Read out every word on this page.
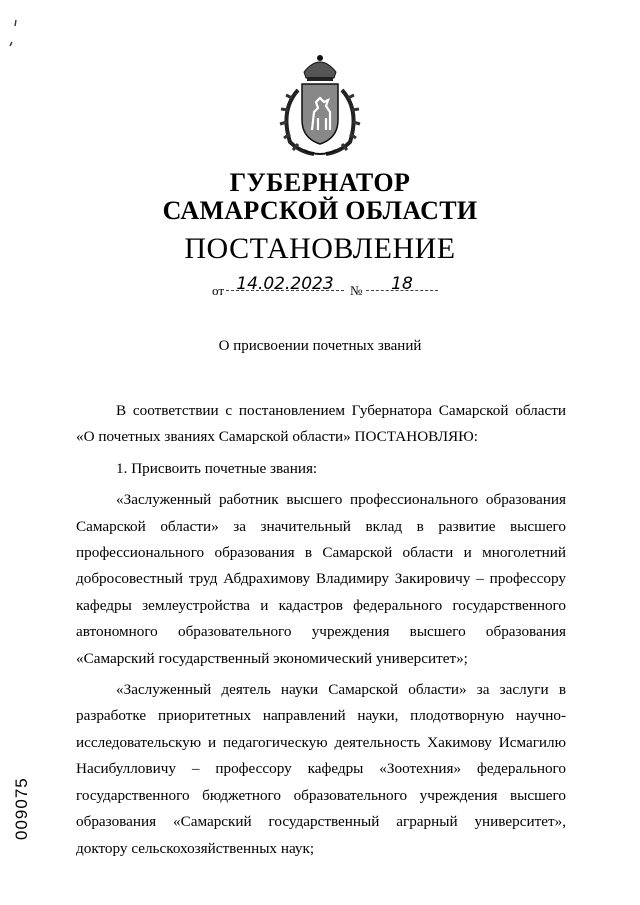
ГУБЕРНАТОР
САМАРСКОЙ ОБЛАСТИ
ПОСТАНОВЛЕНИЕ
от 14.02.2023	№	18
О присвоении почетных званий

В соответствии с постановлением Губернатора Самарской области «О почетных званиях Самарской области» ПОСТАНОВЛЯЮ:

1. Присвоить почетные звания:

«Заслуженный работник высшего профессионального образования Самарской области» за значительный вклад в развитие высшего профессионального образования в Самарской области и многолетний добросовестный труд Абдрахимову Владимиру Закировичу – профессору кафедры землеустройства и кадастров федерального государственного автономного образовательного учреждения высшего образования «Самарский государственный экономический университет»;

«Заслуженный деятель науки Самарской области» за заслуги в разработке приоритетных направлений науки, плодотворную научно-исследовательскую и педагогическую деятельность Хакимову Исмагилю Насибулловичу – профессору кафедры «Зоотехния» федерального государственного бюджетного образовательного учреждения высшего образования «Самарский государственный аграрный университет», доктору сельскохозяйственных наук;

009075
